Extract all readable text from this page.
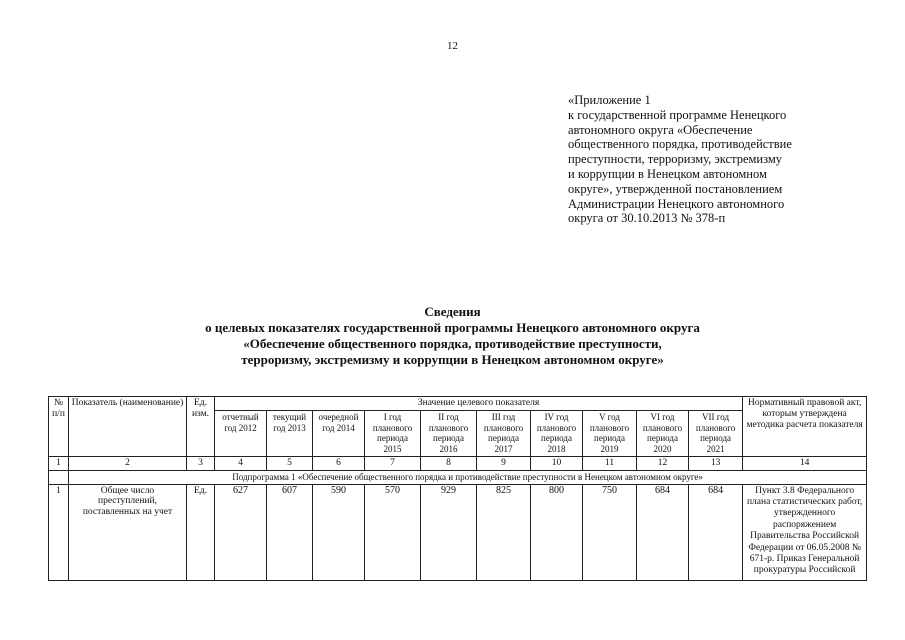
12
«Приложение 1
к государственной программе Ненецкого
автономного округа «Обеспечение
общественного порядка, противодействие
преступности, терроризму, экстремизму
и коррупции в Ненецком автономном
округе», утвержденной постановлением
Администрации Ненецкого автономного
округа от 30.10.2013 № 378-п
Сведения
о целевых показателях государственной программы Ненецкого автономного округа
«Обеспечение общественного порядка, противодействие преступности,
терроризму, экстремизму и коррупции в Ненецком автономном округе»
№ п/п	Показатель (наименование)	Ед. изм.	Значение целевого показателя										Нормативный правовой акт, которым утверждена методика расчета показателя
			отчетный год 2012	текущий год 2013	очередной год 2014	I год планового периода 2015	II год планового периода 2016	III год планового периода 2017	IV год планового периода 2018	V год планового периода 2019	VI год планового периода 2020	VII год планового периода 2021	
1	2	3	4	5	6	7	8	9	10	11	12	13	14
	Подпрограмма 1 «Обеспечение общественного порядка и противодействие преступности в Ненецком автономном округе»												
1	Общее число преступлений, поставленных на учет	Ед.	627	607	590	570	929	825	800	750	684	684	Пункт 3.8 Федерального плана статистических работ, утвержденного распоряжением Правительства Российской Федерации от 06.05.2008 № 671-р. Приказ Генеральной прокуратуры Российской
